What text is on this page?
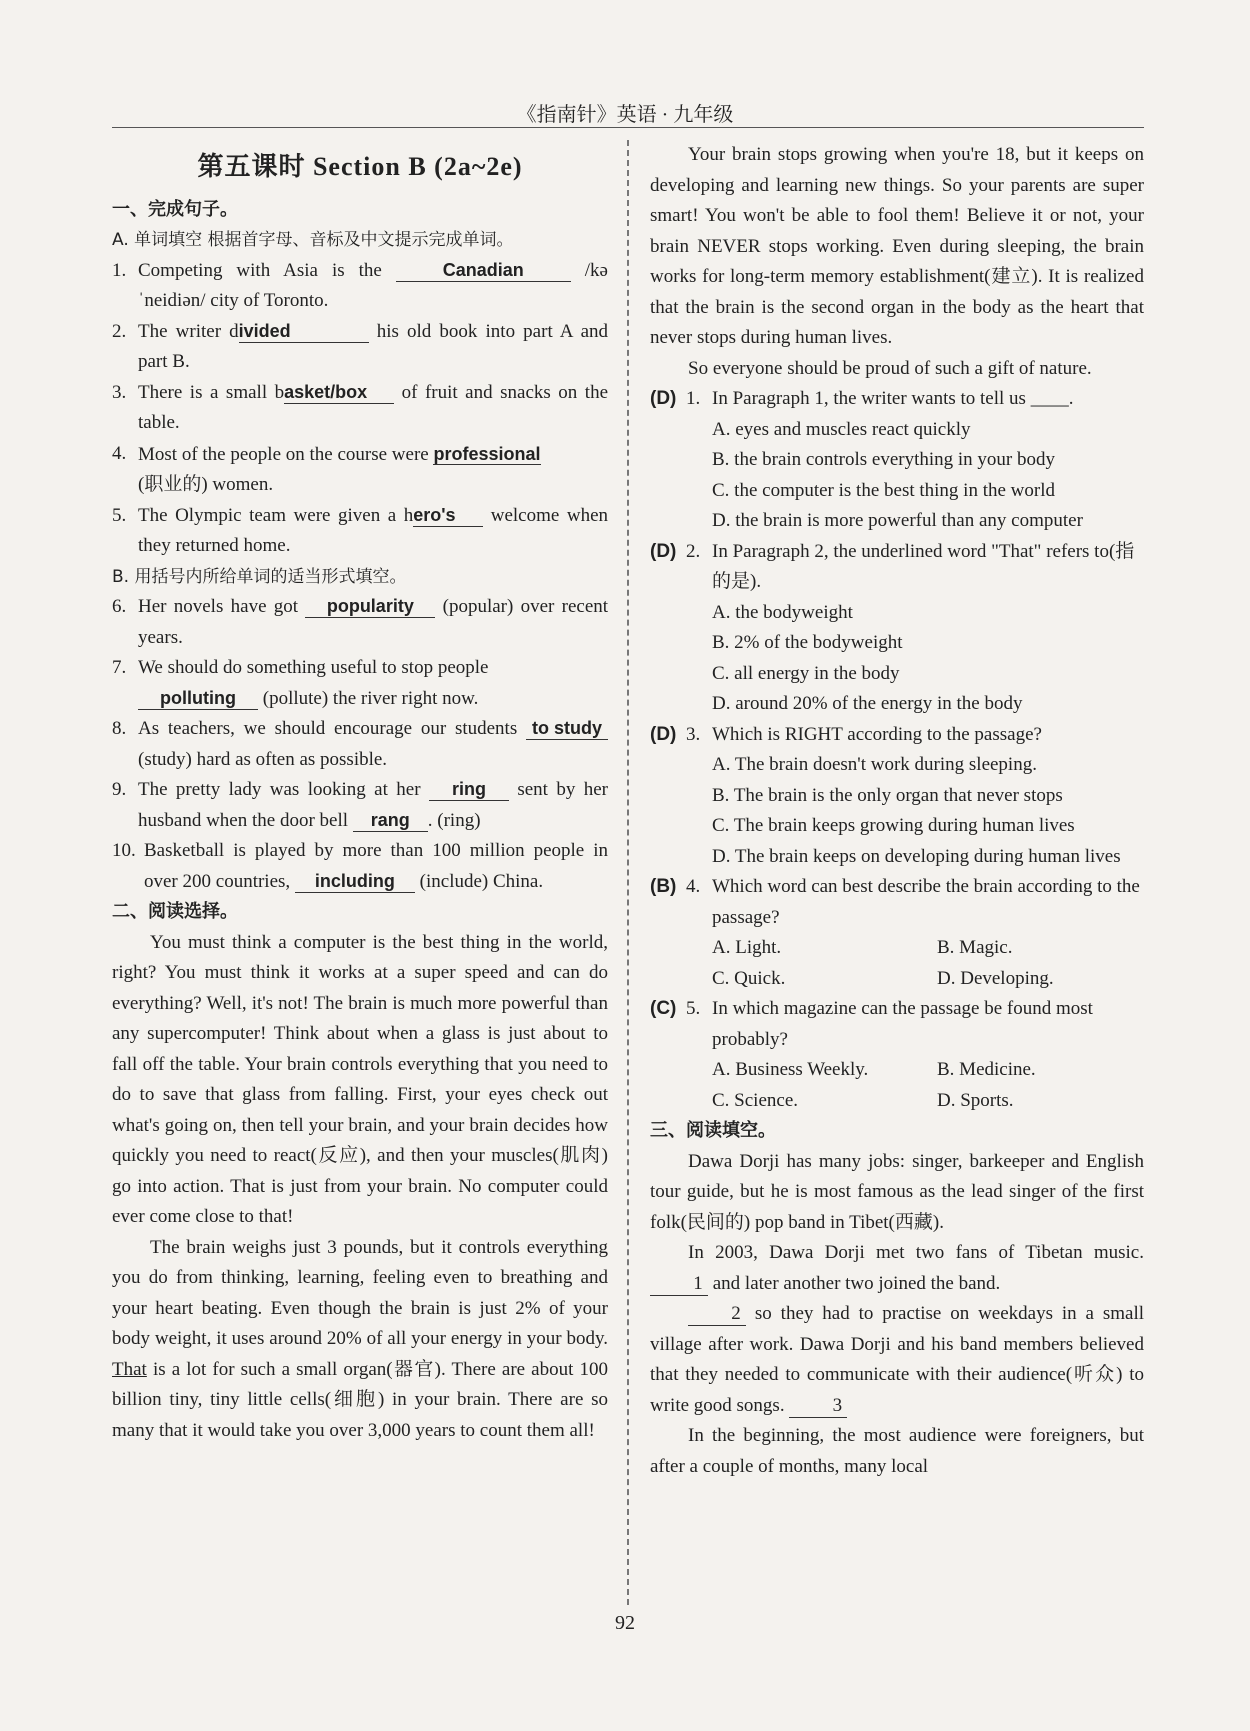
《指南针》英语 · 九年级
第五课时 Section B (2a~2e)
一、完成句子。
A. 单词填空 根据首字母、音标及中文提示完成单词。
1. Competing with Asia is the	Canadian	/kəˈneidiən/ city of Toronto.
2. The writer divided	his old book into part A and part B.
3. There is a small basket/box of fruit and snacks on the table.
4. Most of the people on the course were professional
(职业的) women.
5. The Olympic team were given a hero's welcome when they returned home.
B. 用括号内所给单词的适当形式填空。
6. Her novels have got popularity (popular) over recent years.
7. We should do something useful to stop people
polluting (pollute) the river right now.
8. As teachers, we should encourage our students to study (study) hard as often as possible.
9. The pretty lady was looking at her ring sent by her husband when the door bell rang . (ring)
10. Basketball is played by more than 100 million people in over 200 countries, including (include) China.
二、阅读选择。
You must think a computer is the best thing in the world, right? You must think it works at a super speed and can do everything? Well, it's not! The brain is much more powerful than any supercomputer! Think about when a glass is just about to fall off the table. Your brain controls everything that you need to do to save that glass from falling. First, your eyes check out what's going on, then tell your brain, and your brain decides how quickly you need to react(反应), and then your muscles(肌肉) go into action. That is just from your brain. No computer could ever come close to that!
The brain weighs just 3 pounds, but it controls everything you do from thinking, learning, feeling even to breathing and your heart beating. Even though the brain is just 2% of your body weight, it uses around 20% of all your energy in your body. That is a lot for such a small organ(器官). There are about 100 billion tiny, tiny little cells(细胞) in your brain. There are so many that it would take you over 3,000 years to count them all!
Your brain stops growing when you're 18, but it keeps on developing and learning new things. So your parents are super smart! You won't be able to fool them! Believe it or not, your brain NEVER stops working. Even during sleeping, the brain works for long-term memory establishment(建立). It is realized that the brain is the second organ in the body as the heart that never stops during human lives.
So everyone should be proud of such a gift of nature.
(D) 1. In Paragraph 1, the writer wants to tell us ____.
A. eyes and muscles react quickly
B. the brain controls everything in your body
C. the computer is the best thing in the world
D. the brain is more powerful than any computer
(D) 2. In Paragraph 2, the underlined word "That" refers to(指的是).
A. the bodyweight
B. 2% of the bodyweight
C. all energy in the body
D. around 20% of the energy in the body
(D) 3. Which is RIGHT according to the passage?
A. The brain doesn't work during sleeping.
B. The brain is the only organ that never stops
C. The brain keeps growing during human lives
D. The brain keeps on developing during human lives
(B) 4. Which word can best describe the brain according to the passage?
A. Light.	B. Magic.
C. Quick.	D. Developing.
(C) 5. In which magazine can the passage be found most probably?
A. Business Weekly.	B. Medicine.
C. Science.	D. Sports.
三、阅读填空。
Dawa Dorji has many jobs: singer, barkeeper and English tour guide, but he is most famous as the lead singer of the first folk(民间的) pop band in Tibet(西藏).
In 2003, Dawa Dorji met two fans of Tibetan music. 1 and later another two joined the band.
2 so they had to practise on weekdays in a small village after work. Dawa Dorji and his band members believed that they needed to communicate with their audience(听众) to write good songs.	3
In the beginning, the most audience were foreigners, but after a couple of months, many local
92
